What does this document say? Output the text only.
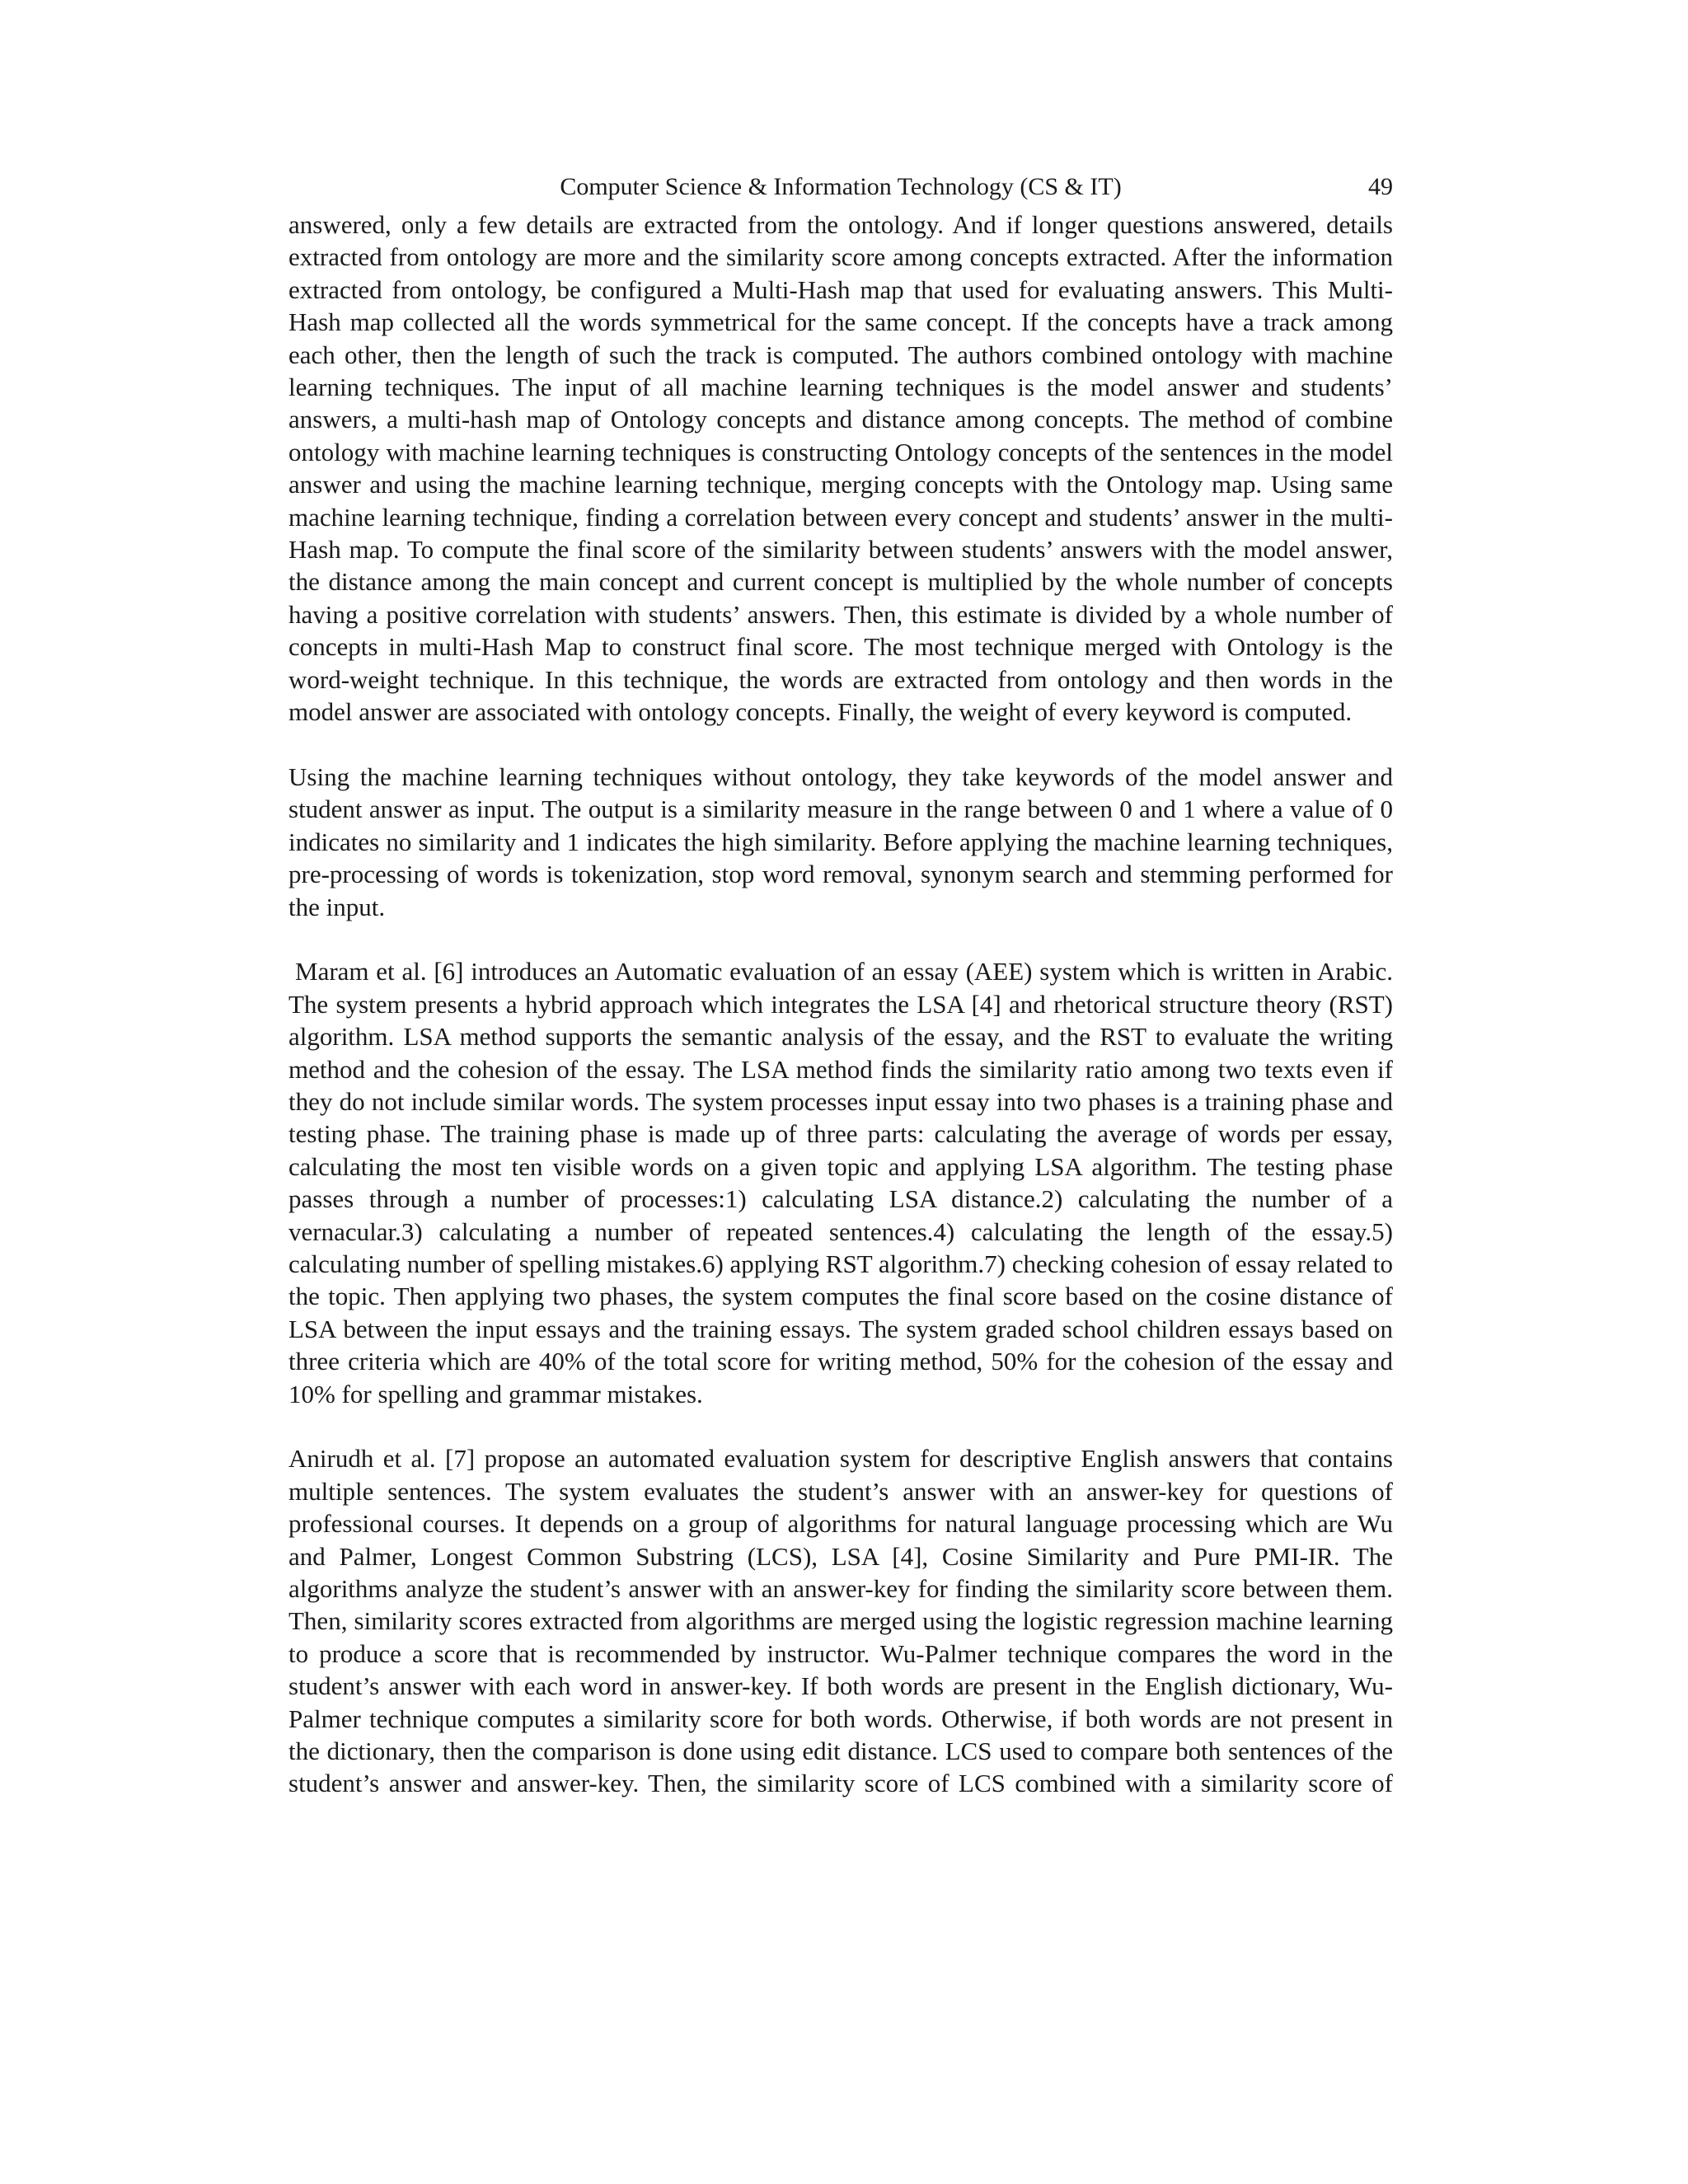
Computer Science & Information Technology (CS & IT)	49

answered, only a few details are extracted from the ontology. And if longer questions answered, details extracted from ontology are more and the similarity score among concepts extracted. After the information extracted from ontology, be configured a Multi-Hash map that used for evaluating answers. This Multi-Hash map collected all the words symmetrical for the same concept. If the concepts have a track among each other, then the length of such the track is computed. The authors combined ontology with machine learning techniques. The input of all machine learning techniques is the model answer and students’ answers, a multi-hash map of Ontology concepts and distance among concepts. The method of combine ontology with machine learning techniques is constructing Ontology concepts of the sentences in the model answer and using the machine learning technique, merging concepts with the Ontology map. Using same machine learning technique, finding a correlation between every concept and students’ answer in the multi-Hash map. To compute the final score of the similarity between students’ answers with the model answer, the distance among the main concept and current concept is multiplied by the whole number of concepts having a positive correlation with students’ answers. Then, this estimate is divided by a whole number of concepts in multi-Hash Map to construct final score. The most technique merged with Ontology is the word-weight technique. In this technique, the words are extracted from ontology and then words in the model answer are associated with ontology concepts. Finally, the weight of every keyword is computed.

Using the machine learning techniques without ontology, they take keywords of the model answer and student answer as input. The output is a similarity measure in the range between 0 and 1 where a value of 0 indicates no similarity and 1 indicates the high similarity. Before applying the machine learning techniques, pre-processing of words is tokenization, stop word removal, synonym search and stemming performed for the input.

Maram et al. [6] introduces an Automatic evaluation of an essay (AEE) system which is written in Arabic. The system presents a hybrid approach which integrates the LSA [4] and rhetorical structure theory (RST) algorithm. LSA method supports the semantic analysis of the essay, and the RST to evaluate the writing method and the cohesion of the essay. The LSA method finds the similarity ratio among two texts even if they do not include similar words. The system processes input essay into two phases is a training phase and testing phase. The training phase is made up of three parts: calculating the average of words per essay, calculating the most ten visible words on a given topic and applying LSA algorithm. The testing phase passes through a number of processes:1) calculating LSA distance.2) calculating the number of a vernacular.3) calculating a number of repeated sentences.4) calculating the length of the essay.5) calculating number of spelling mistakes.6) applying RST algorithm.7) checking cohesion of essay related to the topic. Then applying two phases, the system computes the final score based on the cosine distance of LSA between the input essays and the training essays. The system graded school children essays based on three criteria which are 40% of the total score for writing method, 50% for the cohesion of the essay and 10% for spelling and grammar mistakes.

Anirudh et al. [7] propose an automated evaluation system for descriptive English answers that contains multiple sentences. The system evaluates the student’s answer with an answer-key for questions of professional courses. It depends on a group of algorithms for natural language processing which are Wu and Palmer, Longest Common Substring (LCS), LSA [4], Cosine Similarity and Pure PMI-IR. The algorithms analyze the student’s answer with an answer-key for finding the similarity score between them. Then, similarity scores extracted from algorithms are merged using the logistic regression machine learning to produce a score that is recommended by instructor. Wu-Palmer technique compares the word in the student’s answer with each word in answer-key. If both words are present in the English dictionary, Wu-Palmer technique computes a similarity score for both words. Otherwise, if both words are not present in the dictionary, then the comparison is done using edit distance. LCS used to compare both sentences of the student’s answer and answer-key. Then, the similarity score of LCS combined with a similarity score of
